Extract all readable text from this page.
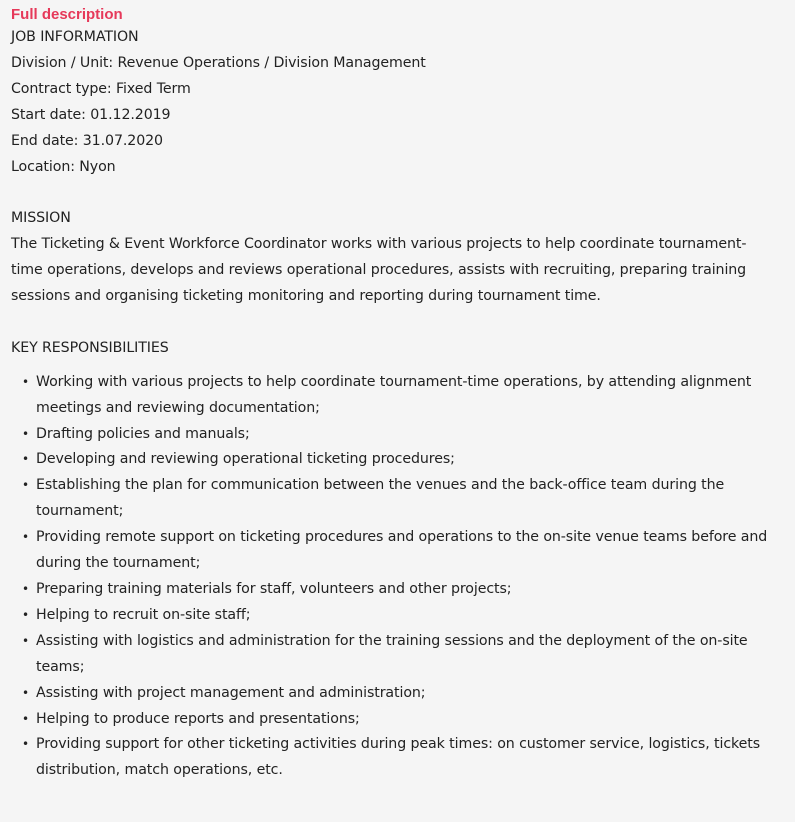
Full description

JOB INFORMATION

Division / Unit: Revenue Operations / Division Management

Contract type: Fixed Term

Start date: 01.12.2019

End date: 31.07.2020

Location: Nyon

MISSION

The Ticketing & Event Workforce Coordinator works with various projects to help coordinate tournament-time operations, develops and reviews operational procedures, assists with recruiting, preparing training sessions and organising ticketing monitoring and reporting during tournament time.

KEY RESPONSIBILITIES

• Working with various projects to help coordinate tournament-time operations, by attending alignment meetings and reviewing documentation;
• Drafting policies and manuals;
• Developing and reviewing operational ticketing procedures;
• Establishing the plan for communication between the venues and the back-office team during the tournament;
• Providing remote support on ticketing procedures and operations to the on-site venue teams before and during the tournament;
• Preparing training materials for staff, volunteers and other projects;
• Helping to recruit on-site staff;
• Assisting with logistics and administration for the training sessions and the deployment of the on-site teams;
• Assisting with project management and administration;
• Helping to produce reports and presentations;
• Providing support for other ticketing activities during peak times: on customer service, logistics, tickets distribution, match operations, etc.
